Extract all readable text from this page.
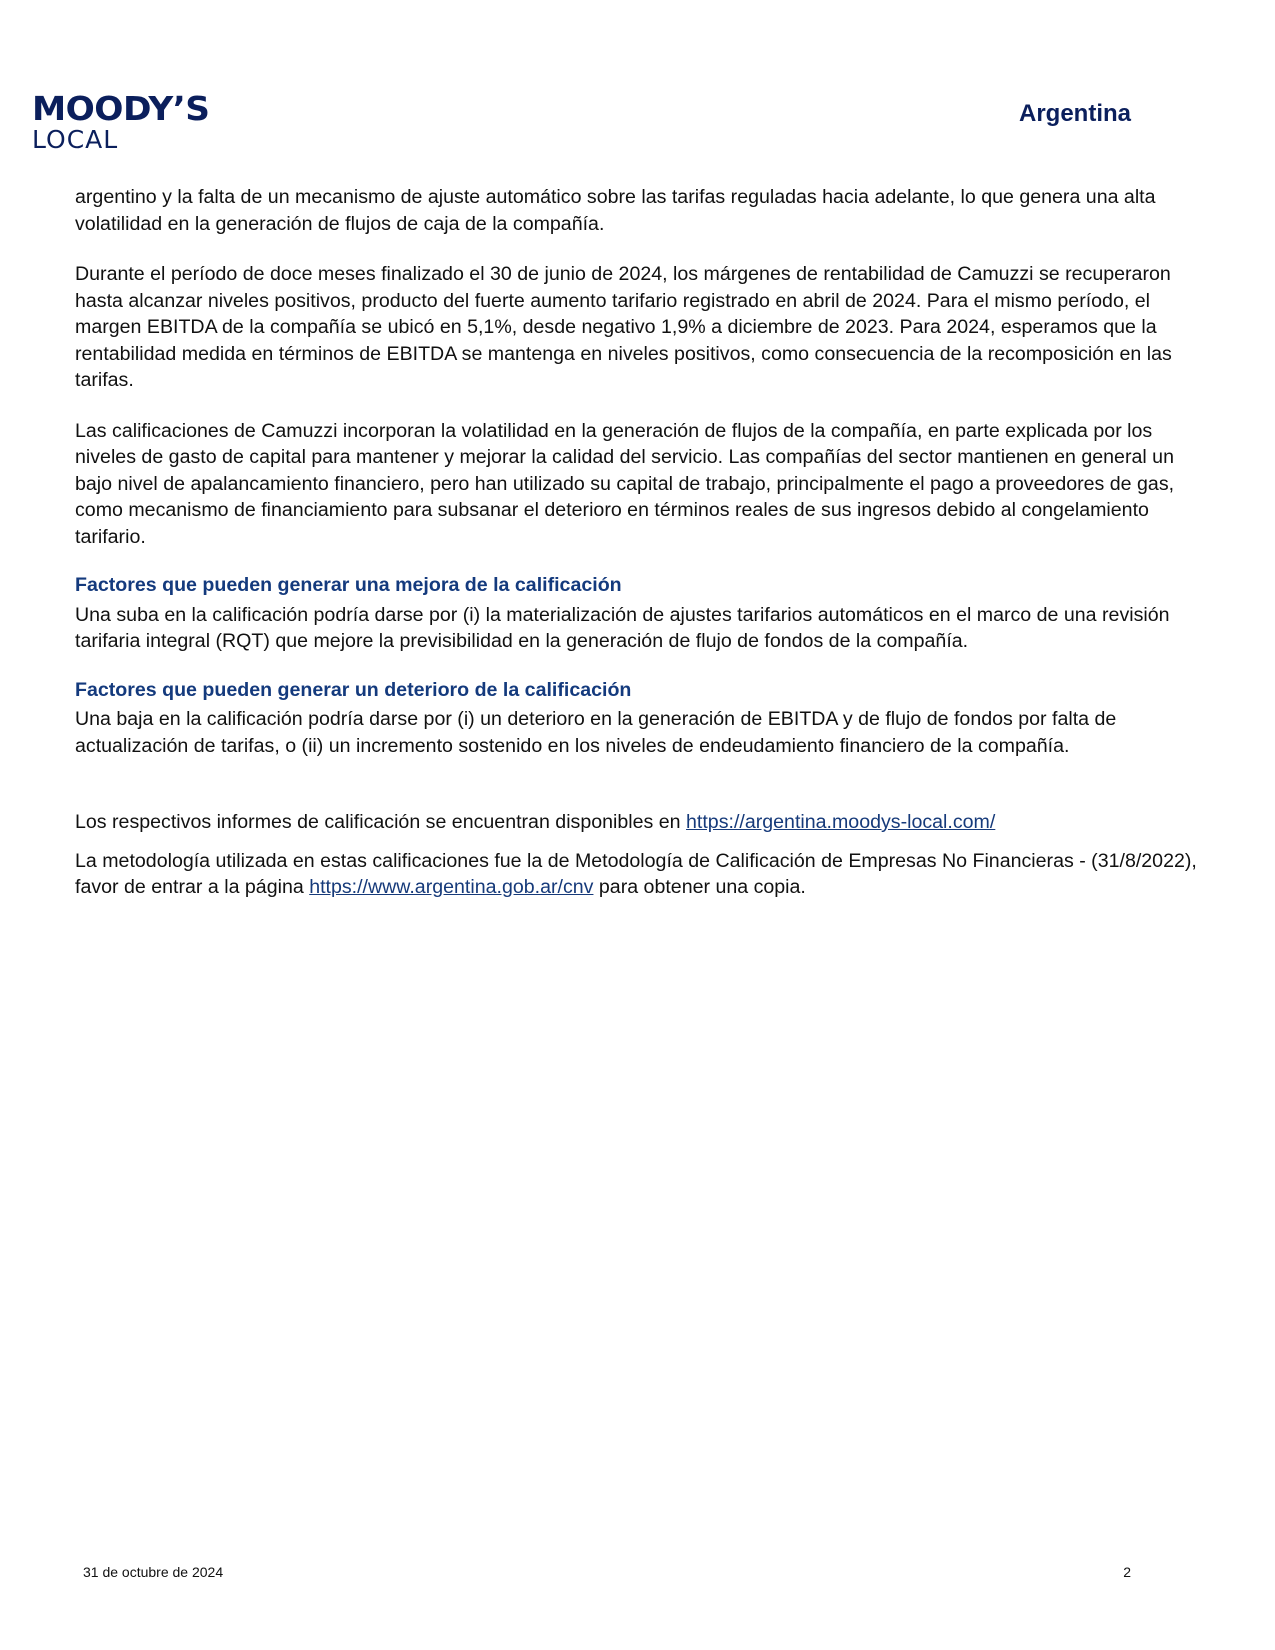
MOODY’S
LOCAL
Argentina

argentino y la falta de un mecanismo de ajuste automático sobre las tarifas reguladas hacia adelante, lo que genera una alta volatilidad en la generación de flujos de caja de la compañía.

Durante el período de doce meses finalizado el 30 de junio de 2024, los márgenes de rentabilidad de Camuzzi se recuperaron hasta alcanzar niveles positivos, producto del fuerte aumento tarifario registrado en abril de 2024. Para el mismo período, el margen EBITDA de la compañía se ubicó en 5,1%, desde negativo 1,9% a diciembre de 2023. Para 2024, esperamos que la rentabilidad medida en términos de EBITDA se mantenga en niveles positivos, como consecuencia de la recomposición en las tarifas.

Las calificaciones de Camuzzi incorporan la volatilidad en la generación de flujos de la compañía, en parte explicada por los niveles de gasto de capital para mantener y mejorar la calidad del servicio. Las compañías del sector mantienen en general un bajo nivel de apalancamiento financiero, pero han utilizado su capital de trabajo, principalmente el pago a proveedores de gas, como mecanismo de financiamiento para subsanar el deterioro en términos reales de sus ingresos debido al congelamiento tarifario.

Factores que pueden generar una mejora de la calificación

Una suba en la calificación podría darse por (i) la materialización de ajustes tarifarios automáticos en el marco de una revisión tarifaria integral (RQT) que mejore la previsibilidad en la generación de flujo de fondos de la compañía.

Factores que pueden generar un deterioro de la calificación

Una baja en la calificación podría darse por (i) un deterioro en la generación de EBITDA y de flujo de fondos por falta de actualización de tarifas, o (ii) un incremento sostenido en los niveles de endeudamiento financiero de la compañía.

Los respectivos informes de calificación se encuentran disponibles en https://argentina.moodys-local.com/

La metodología utilizada en estas calificaciones fue la de Metodología de Calificación de Empresas No Financieras - (31/8/2022), favor de entrar a la página https://www.argentina.gob.ar/cnv para obtener una copia.

31 de octubre de 2024	2
